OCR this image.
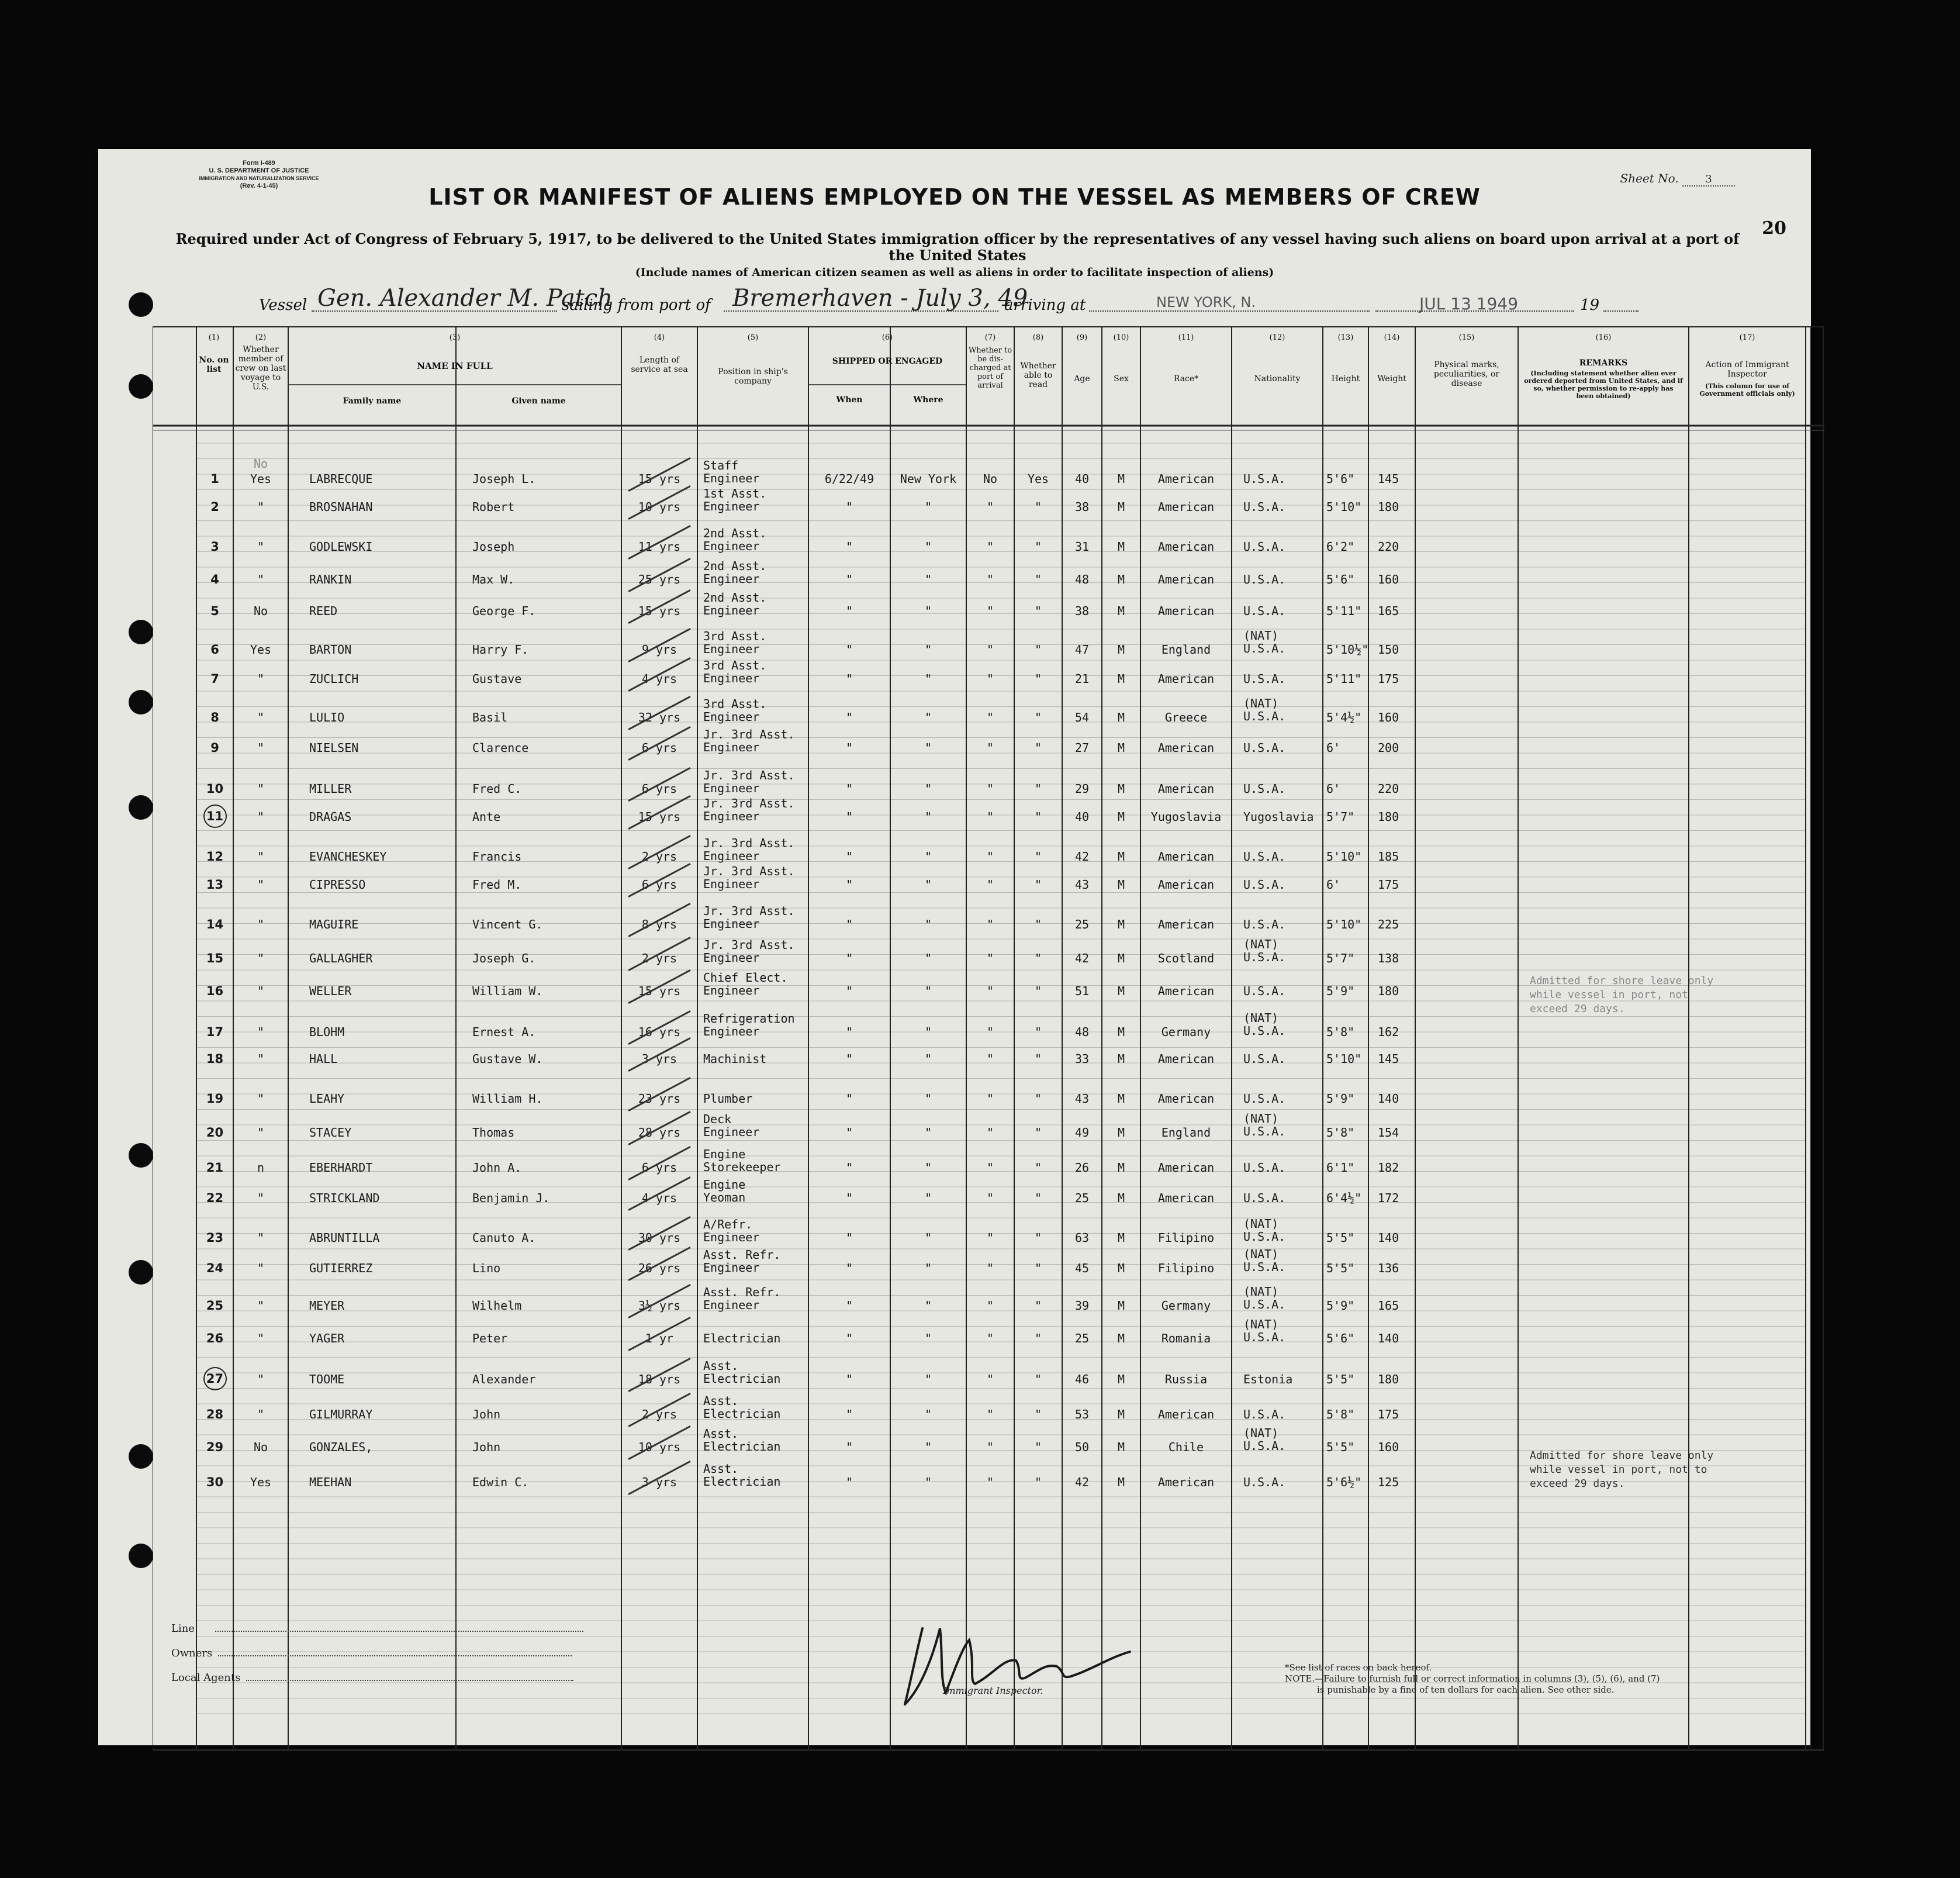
Form I-489
U. S. DEPARTMENT OF JUSTICE
IMMIGRATION AND NATURALIZATION SERVICE
(Rev. 4-1-45)
Sheet No.	3
20
LIST OR MANIFEST OF ALIENS EMPLOYED ON THE VESSEL AS MEMBERS OF CREW
Required under Act of Congress of February 5, 1917, to be delivered to the United States immigration officer by the representatives of any vessel having such aliens on board upon arrival at a port of the United States
(Include names of American citizen seamen as well as aliens in order to facilitate inspection of aliens)
Vessel Gen. Alexander M. Patch
sailing from port of Bremerhaven - July 3, 49
arriving at	NEW YORK, N.	JUL 13 1949	19
(1)
No. on list
(2)
Whether member of crew on last voyage to U.S.
(3)
NAME IN FULL
Family name	Given name
(4)
Length of service at sea
(5)
Position in ship's company
(6)
SHIPPED OR ENGAGED
When	Where
(7)
Whether to be dis-charged at port of arrival
(8)
Whether able to read
(9)
Age
(10)
Sex
(11)
Race*
(12)
Nationality
(13)
Height
(14)
Weight
(15)
Physical marks, peculiarities, or disease
(16)
REMARKS
(Including statement whether alien ever ordered deported from United States, and if so, whether permission to re-apply has been obtained)
(17)
Action of Immigrant Inspector
(This column for use of Government officials only)
1
No
Yes	LABRECQUE	Joseph L.	15 yrs
Staff
Engineer	6/22/49	New York	No	Yes	40	M	American	U.S.A.	5'6" 145
2	"	BROSNAHAN	Robert	10 yrs
1st Asst.
Engineer	"	"	"	"	38	M	American	U.S.A.	5'10" 180
3	"	GODLEWSKI	Joseph	11 yrs
2nd Asst.
Engineer	"	"	"	"	31	M	American	U.S.A.	6'2" 220
4	"	RANKIN	Max W.	25 yrs
2nd Asst.
Engineer	"	"	"	"	48	M	American	U.S.A.	5'6" 160
5	No	REED	George F.	15 yrs
2nd Asst.
Engineer	"	"	"	"	38	M	American	U.S.A.	5'11" 165
6	Yes	BARTON	Harry F.	9 yrs
3rd Asst.
Engineer	"	"	"	"	47	M	England
(NAT)
U.S.A.	5'10½" 150
7	"	ZUCLICH	Gustave	4 yrs
3rd Asst.
Engineer	"	"	"	"	21	M	American	U.S.A.	5'11" 175
8	"	LULIO	Basil	32 yrs
3rd Asst.
Engineer	"	"	"	"	54	M	Greece
(NAT)
U.S.A.	5'4½" 160
9	"	NIELSEN	Clarence	6 yrs
Jr. 3rd Asst.
Engineer	"	"	"	"	27	M	American	U.S.A.	6'	200
10	"	MILLER	Fred C.	6 yrs
Jr. 3rd Asst.
Engineer	"	"	"	"	29	M	American	U.S.A.	6'	220
11	"	DRAGAS	Ante	15 yrs
Jr. 3rd Asst.
Engineer	"	"	"	"	40	M	Yugoslavia	Yugoslavia 5'7" 180
12	"	EVANCHESKEY	Francis	2 yrs
Jr. 3rd Asst.
Engineer	"	"	"	"	42	M	American	U.S.A.	5'10" 185
13	"	CIPRESSO	Fred M.	6 yrs
Jr. 3rd Asst.
Engineer	"	"	"	"	43	M	American	U.S.A.	6'	175
14	"	MAGUIRE	Vincent G.	8 yrs
Jr. 3rd Asst.
Engineer	"	"	"	"	25	M	American	U.S.A.	5'10" 225
15	"	GALLAGHER	Joseph G.	2 yrs
Jr. 3rd Asst.
Engineer	"	"	"	"	42	M	Scotland
(NAT)
U.S.A.	5'7" 138
16	"	WELLER	William W.	15 yrs
Chief Elect.
Engineer	"	"	"	"	51	M	American	U.S.A.	5'9" 180
17	"	BLOHM	Ernest A.	16 yrs
Refrigeration
Engineer	"	"	"	"	48	M	Germany
(NAT)
U.S.A.	5'8" 162
18	"	HALL	Gustave W.	3 yrs	Machinist	"	"	"	"	33	M	American	U.S.A.	5'10" 145
19	"	LEAHY	William H.	23 yrs	Plumber	"	"	"	"	43	M	American	U.S.A.	5'9" 140
20	"	STACEY	Thomas	28 yrs
Deck
Engineer	"	"	"	"	49	M	England
(NAT)
U.S.A.	5'8" 154
21	n	EBERHARDT	John A.	6 yrs
Engine
Storekeeper	"	"	"	"	26	M	American	U.S.A.	6'1" 182
22	"	STRICKLAND	Benjamin J.	4 yrs
Engine
Yeoman	"	"	"	"	25	M	American	U.S.A.	6'4½" 172
23	"	ABRUNTILLA	Canuto A.	30 yrs
A/Refr.
Engineer	"	"	"	"	63	M	Filipino
(NAT)
U.S.A.	5'5" 140
24	"	GUTIERREZ	Lino	26 yrs
Asst. Refr.
Engineer	"	"	"	"	45	M	Filipino
(NAT)
U.S.A.	5'5" 136
25	"	MEYER	Wilhelm	3½ yrs
Asst. Refr.
Engineer	"	"	"	"	39	M	Germany
(NAT)
U.S.A.	5'9" 165
26	"	YAGER	Peter	1 yr	Electrician	"	"	"	"	25	M	Romania
(NAT)
U.S.A.	5'6" 140
27	"	TOOME	Alexander	18 yrs
Asst.
Electrician	"	"	"	"	46	M	Russia	Estonia	5'5" 180
28	"	GILMURRAY	John	2 yrs
Asst.
Electrician	"	"	"	"	53	M	American	U.S.A.	5'8" 175
29	No	GONZALES,	John	10 yrs
Asst.
Electrician	"	"	"	"	50	M	Chile
(NAT)
U.S.A.	5'5" 160
30	Yes	MEEHAN	Edwin C.	3 yrs
Asst.
Electrician	"	"	"	"	42	M	American	U.S.A.	5'6½" 125
Admitted for shore leave only
while vessel in port, not
exceed 29 days.
Admitted for shore leave only
while vessel in port, not to
exceed 29 days.
Line
Owners
Local Agents
Immigrant Inspector.
*See list of races on back hereof.
NOTE.—Failure to furnish full or correct information in columns (3), (5), (6), and (7)
is punishable by a fine of ten dollars for each alien. See other side.
